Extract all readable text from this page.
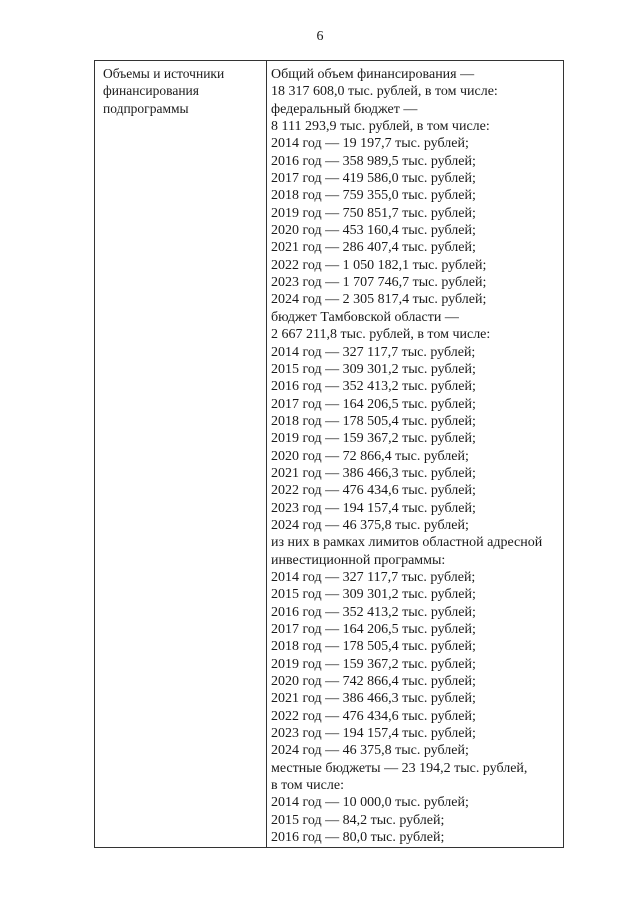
6
Объемы и источники
финансирования
подпрограммы
Общий объем финансирования —
18 317 608,0 тыс. рублей, в том числе:
федеральный бюджет —
8 111 293,9 тыс. рублей, в том числе:
2014 год — 19 197,7 тыс. рублей;
2016 год — 358 989,5 тыс. рублей;
2017 год — 419 586,0 тыс. рублей;
2018 год — 759 355,0 тыс. рублей;
2019 год — 750 851,7 тыс. рублей;
2020 год — 453 160,4 тыс. рублей;
2021 год — 286 407,4 тыс. рублей;
2022 год — 1 050 182,1 тыс. рублей;
2023 год — 1 707 746,7 тыс. рублей;
2024 год — 2 305 817,4 тыс. рублей;
бюджет Тамбовской области —
2 667 211,8 тыс. рублей, в том числе:
2014 год — 327 117,7 тыс. рублей;
2015 год — 309 301,2 тыс. рублей;
2016 год — 352 413,2 тыс. рублей;
2017 год — 164 206,5 тыс. рублей;
2018 год — 178 505,4 тыс. рублей;
2019 год — 159 367,2 тыс. рублей;
2020 год — 72 866,4 тыс. рублей;
2021 год — 386 466,3 тыс. рублей;
2022 год — 476 434,6 тыс. рублей;
2023 год — 194 157,4 тыс. рублей;
2024 год — 46 375,8 тыс. рублей;
из них в рамках лимитов областной адресной
инвестиционной программы:
2014 год — 327 117,7 тыс. рублей;
2015 год — 309 301,2 тыс. рублей;
2016 год — 352 413,2 тыс. рублей;
2017 год — 164 206,5 тыс. рублей;
2018 год — 178 505,4 тыс. рублей;
2019 год — 159 367,2 тыс. рублей;
2020 год — 742 866,4 тыс. рублей;
2021 год — 386 466,3 тыс. рублей;
2022 год — 476 434,6 тыс. рублей;
2023 год — 194 157,4 тыс. рублей;
2024 год — 46 375,8 тыс. рублей;
местные бюджеты — 23 194,2 тыс. рублей,
в том числе:
2014 год — 10 000,0 тыс. рублей;
2015 год — 84,2 тыс. рублей;
2016 год — 80,0 тыс. рублей;
